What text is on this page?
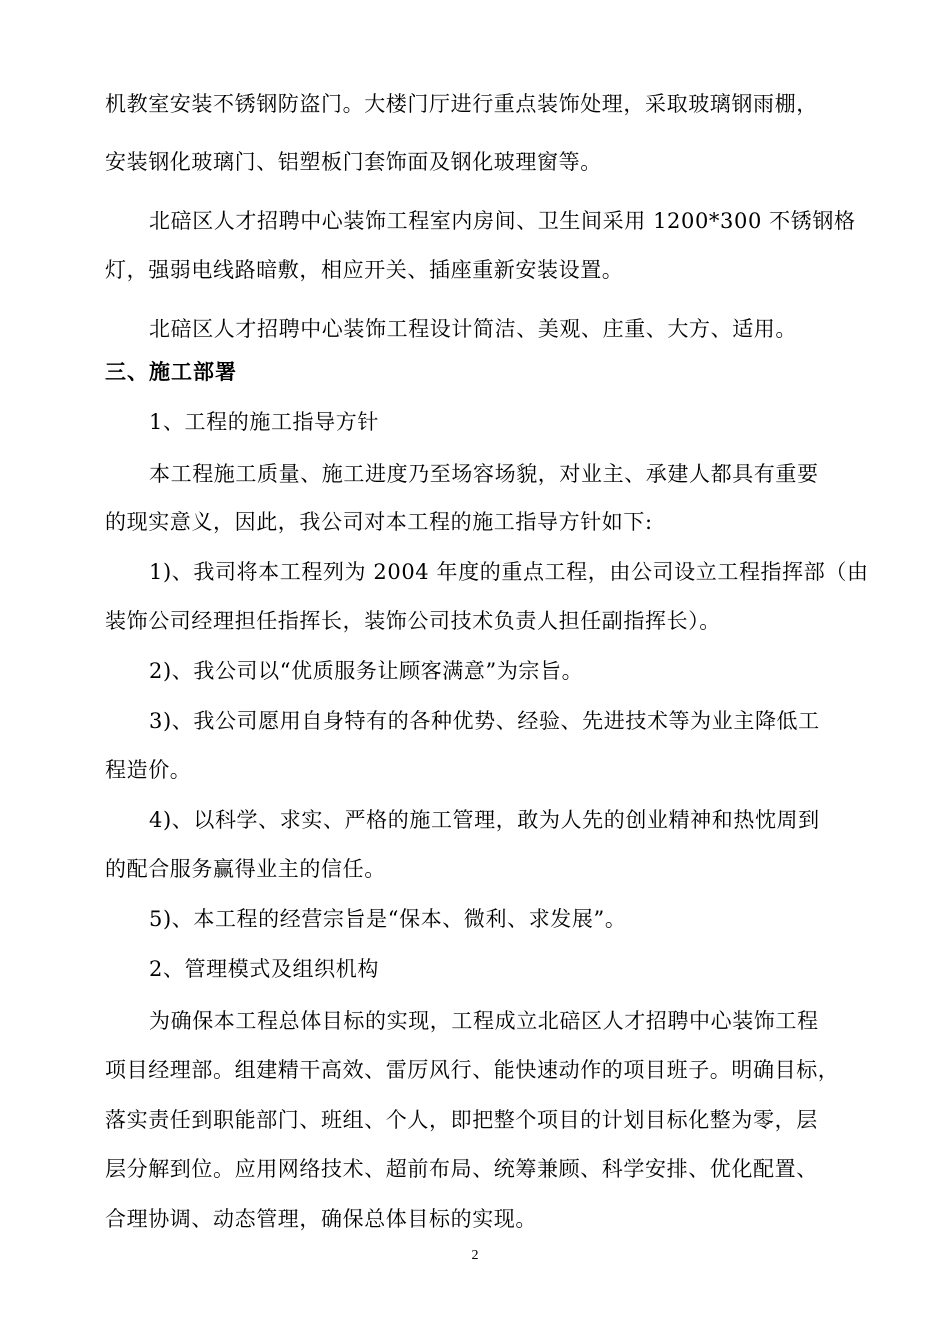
机教室安装不锈钢防盗门。大楼门厅进行重点装饰处理，采取玻璃钢雨棚，
安装钢化玻璃门、铝塑板门套饰面及钢化玻理窗等。
北碚区人才招聘中心装饰工程室内房间、卫生间采用 1200*300 不锈钢格
灯，强弱电线路暗敷，相应开关、插座重新安装设置。
北碚区人才招聘中心装饰工程设计简洁、美观、庄重、大方、适用。
三、施工部署
1、工程的施工指导方针
本工程施工质量、施工进度乃至场容场貌，对业主、承建人都具有重要
的现实意义，因此，我公司对本工程的施工指导方针如下:
1)、我司将本工程列为 2004 年度的重点工程，由公司设立工程指挥部（由
装饰公司经理担任指挥长，装饰公司技术负责人担任副指挥长）。
2)、我公司以“优质服务让顾客满意”为宗旨。
3)、我公司愿用自身特有的各种优势、经验、先进技术等为业主降低工
程造价。
4)、以科学、求实、严格的施工管理，敢为人先的创业精神和热忱周到
的配合服务赢得业主的信任。
5)、本工程的经营宗旨是“保本、微利、求发展”。
2、管理模式及组织机构
为确保本工程总体目标的实现，工程成立北碚区人才招聘中心装饰工程
项目经理部。组建精干高效、雷厉风行、能快速动作的项目班子。明确目标，
落实责任到职能部门、班组、个人，即把整个项目的计划目标化整为零，层
层分解到位。应用网络技术、超前布局、统筹兼顾、科学安排、优化配置、
合理协调、动态管理，确保总体目标的实现。
2
